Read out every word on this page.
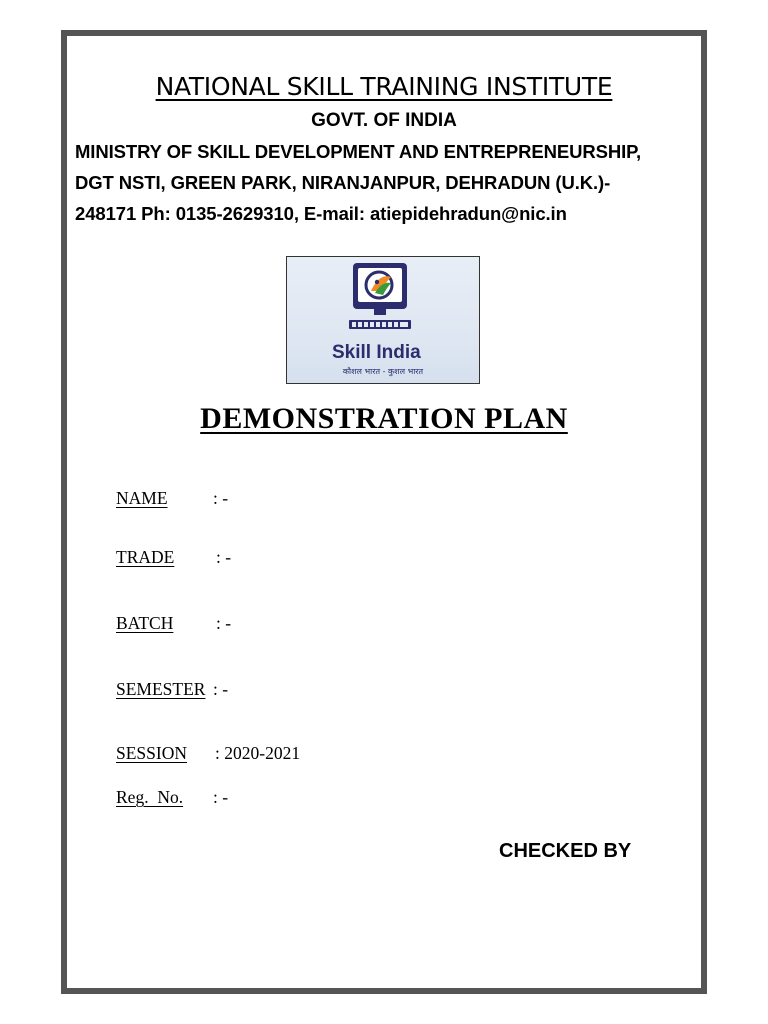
NATIONAL SKILL TRAINING INSTITUTE
GOVT. OF INDIA
MINISTRY OF SKILL DEVELOPMENT AND ENTREPRENEURSHIP,
DGT NSTI, GREEN PARK, NIRANJANPUR, DEHRADUN (U.K.)-
248171 Ph: 0135-2629310, E-mail: atiepidehradun@nic.in
Skill India
कौशल भारत - कुशल भारत
DEMONSTRATION PLAN
NAME	: -
TRADE : -
BATCH : -
SEMESTER : -
SESSION : 2020-2021
Reg.  No. : -
CHECKED BY
